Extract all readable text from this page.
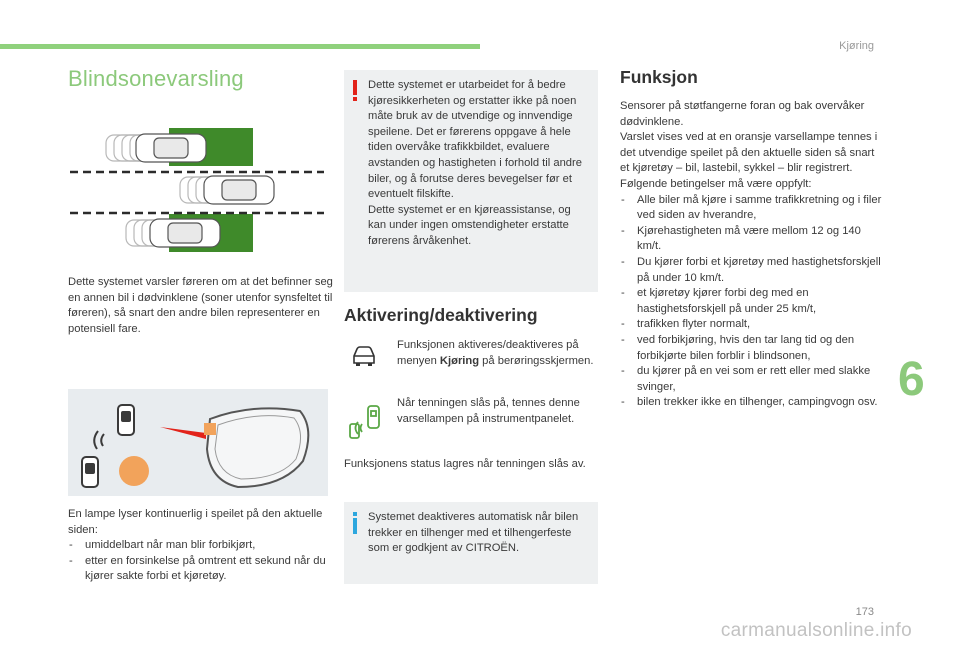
Kjøring
Blindsonevarsling

Dette systemet varsler føreren om at det befinner seg en annen bil i dødvinklene (soner utenfor synsfeltet til føreren), så snart den andre bilen representerer en potensiell fare.

En lampe lyser kontinuerlig i speilet på den aktuelle siden:

- umiddelbart når man blir forbikjørt,
- etter en forsinkelse på omtrent ett sekund når du kjører sakte forbi et kjøretøy.

Dette systemet er utarbeidet for å bedre kjøresikkerheten og erstatter ikke på noen måte bruk av de utvendige og innvendige speilene. Det er førerens oppgave å hele tiden overvåke trafikkbildet, evaluere avstanden og hastigheten i forhold til andre biler, og å forutse deres bevegelser før et eventuelt filskifte.

Dette systemet er en kjøreassistanse, og kan under ingen omstendigheter erstatte førerens årvåkenhet.

Aktivering/deaktivering

Funksjonen aktiveres/deaktiveres på menyen Kjøring på berøringsskjermen.

Når tenningen slås på, tennes denne varsellampen på instrumentpanelet.

Funksjonens status lagres når tenningen slås av.

Systemet deaktiveres automatisk når bilen trekker en tilhenger med et tilhengerfeste som er godkjent av CITROËN.

Funksjon

Sensorer på støtfangerne foran og bak overvåker dødvinklene.

Varslet vises ved at en oransje varsellampe tennes i det utvendige speilet på den aktuelle siden så snart et kjøretøy – bil, lastebil, sykkel – blir registrert.

Følgende betingelser må være oppfylt:

- Alle biler må kjøre i samme trafikkretning og i filer ved siden av hverandre,
- Kjørehastigheten må være mellom 12 og 140 km/t.
- Du kjører forbi et kjøretøy med hastighetsforskjell på under 10 km/t.
- et kjøretøy kjører forbi deg med en hastighetsforskjell på under 25 km/t,
- trafikken flyter normalt,
- ved forbikjøring, hvis den tar lang tid og den forbikjørte bilen forblir i blindsonen,
- du kjører på en vei som er rett eller med slakke svinger,
- bilen trekker ikke en tilhenger, campingvogn osv. 6
173
carmanualsonline.info
